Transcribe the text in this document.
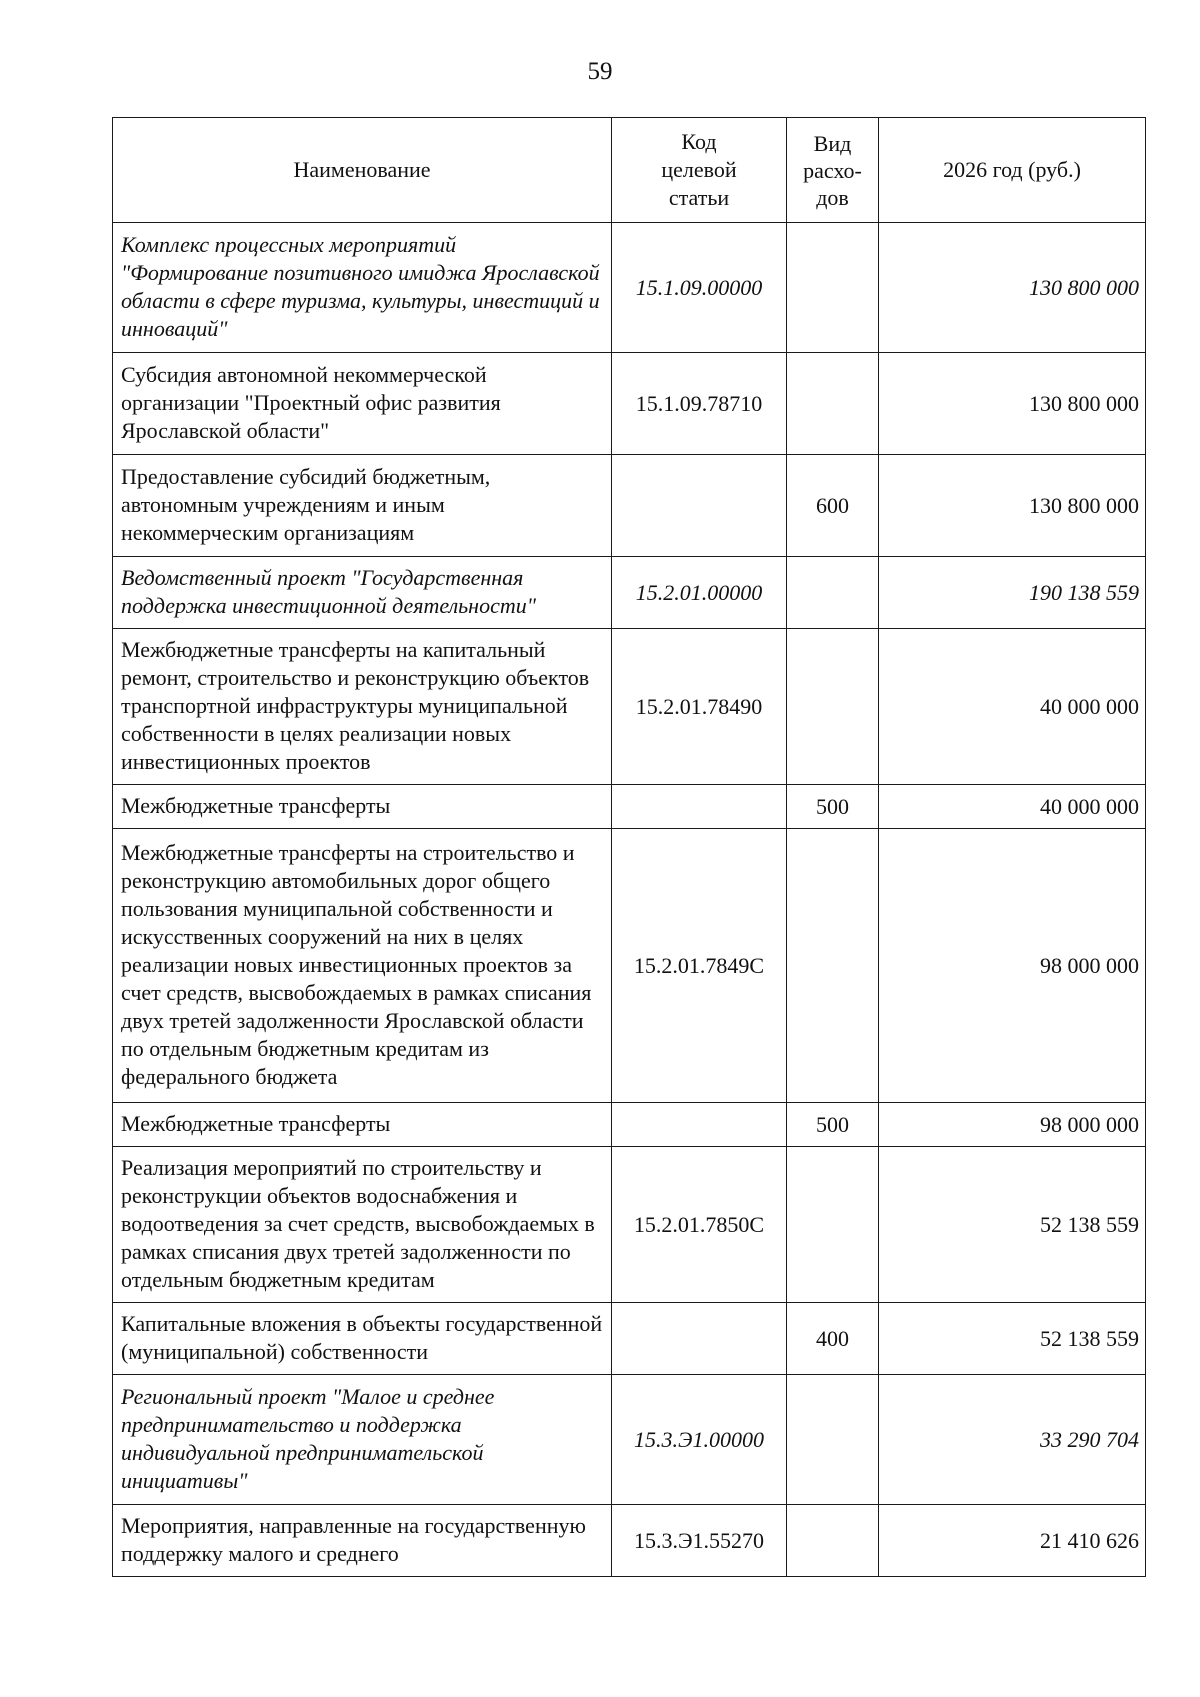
59
Наименование	Код целевой статьи	Вид расхо-дов	2026 год (руб.)
Комплекс процессных мероприятий "Формирование позитивного имиджа Ярославской области в сфере туризма, культуры, инвестиций и инноваций"	15.1.09.00000		130 800 000
Субсидия автономной некоммерческой организации "Проектный офис развития Ярославской области"	15.1.09.78710		130 800 000
Предоставление субсидий бюджетным, автономным учреждениям и иным некоммерческим организациям		600	130 800 000
Ведомственный проект "Государственная поддержка инвестиционной деятельности"	15.2.01.00000		190 138 559
Межбюджетные трансферты на капитальный ремонт, строительство и реконструкцию объектов транспортной инфраструктуры муниципальной собственности в целях реализации новых инвестиционных проектов	15.2.01.78490		40 000 000
Межбюджетные трансферты		500	40 000 000
Межбюджетные трансферты на строительство и реконструкцию автомобильных дорог общего пользования муниципальной собственности и искусственных сооружений на них в целях реализации новых инвестиционных проектов за счет средств, высвобождаемых в рамках списания двух третей задолженности Ярославской области по отдельным бюджетным кредитам из федерального бюджета	15.2.01.7849С		98 000 000
Межбюджетные трансферты		500	98 000 000
Реализация мероприятий по строительству и реконструкции объектов водоснабжения и водоотведения за счет средств, высвобождаемых в рамках списания двух третей задолженности по отдельным бюджетным кредитам	15.2.01.7850С		52 138 559
Капитальные вложения в объекты государственной (муниципальной) собственности		400	52 138 559
Региональный проект "Малое и среднее предпринимательство и поддержка индивидуальной предпринимательской инициативы"	15.3.Э1.00000		33 290 704
Мероприятия, направленные на государственную поддержку малого и среднего	15.3.Э1.55270		21 410 626
